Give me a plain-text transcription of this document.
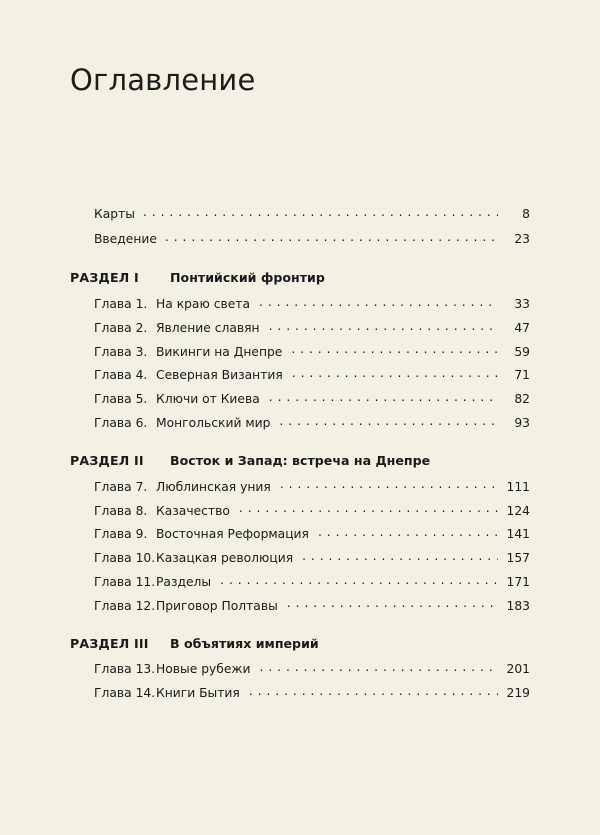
Оглавление
Карты . . .	8
Введение . . .	23
РАЗДЕЛ I	Понтийский фронтир
Глава 1. На краю света . . .	33
Глава 2. Явление славян . . .	47
Глава 3. Викинги на Днепре . . .	59
Глава 4. Северная Византия . . .	71
Глава 5. Ключи от Киева . . .	82
Глава 6. Монгольский мир . . .	93
РАЗДЕЛ II	Восток и Запад: встреча на Днепре
Глава 7. Люблинская уния . . .	111
Глава 8. Казачество . . .	124
Глава 9. Восточная Реформация . . .	141
Глава 10. Казацкая революция . . .	157
Глава 11. Разделы . . .	171
Глава 12. Приговор Полтавы . . .	183
РАЗДЕЛ III	В объятиях империй
Глава 13. Новые рубежи . . .	201
Глава 14. Книги Бытия . . .	219
